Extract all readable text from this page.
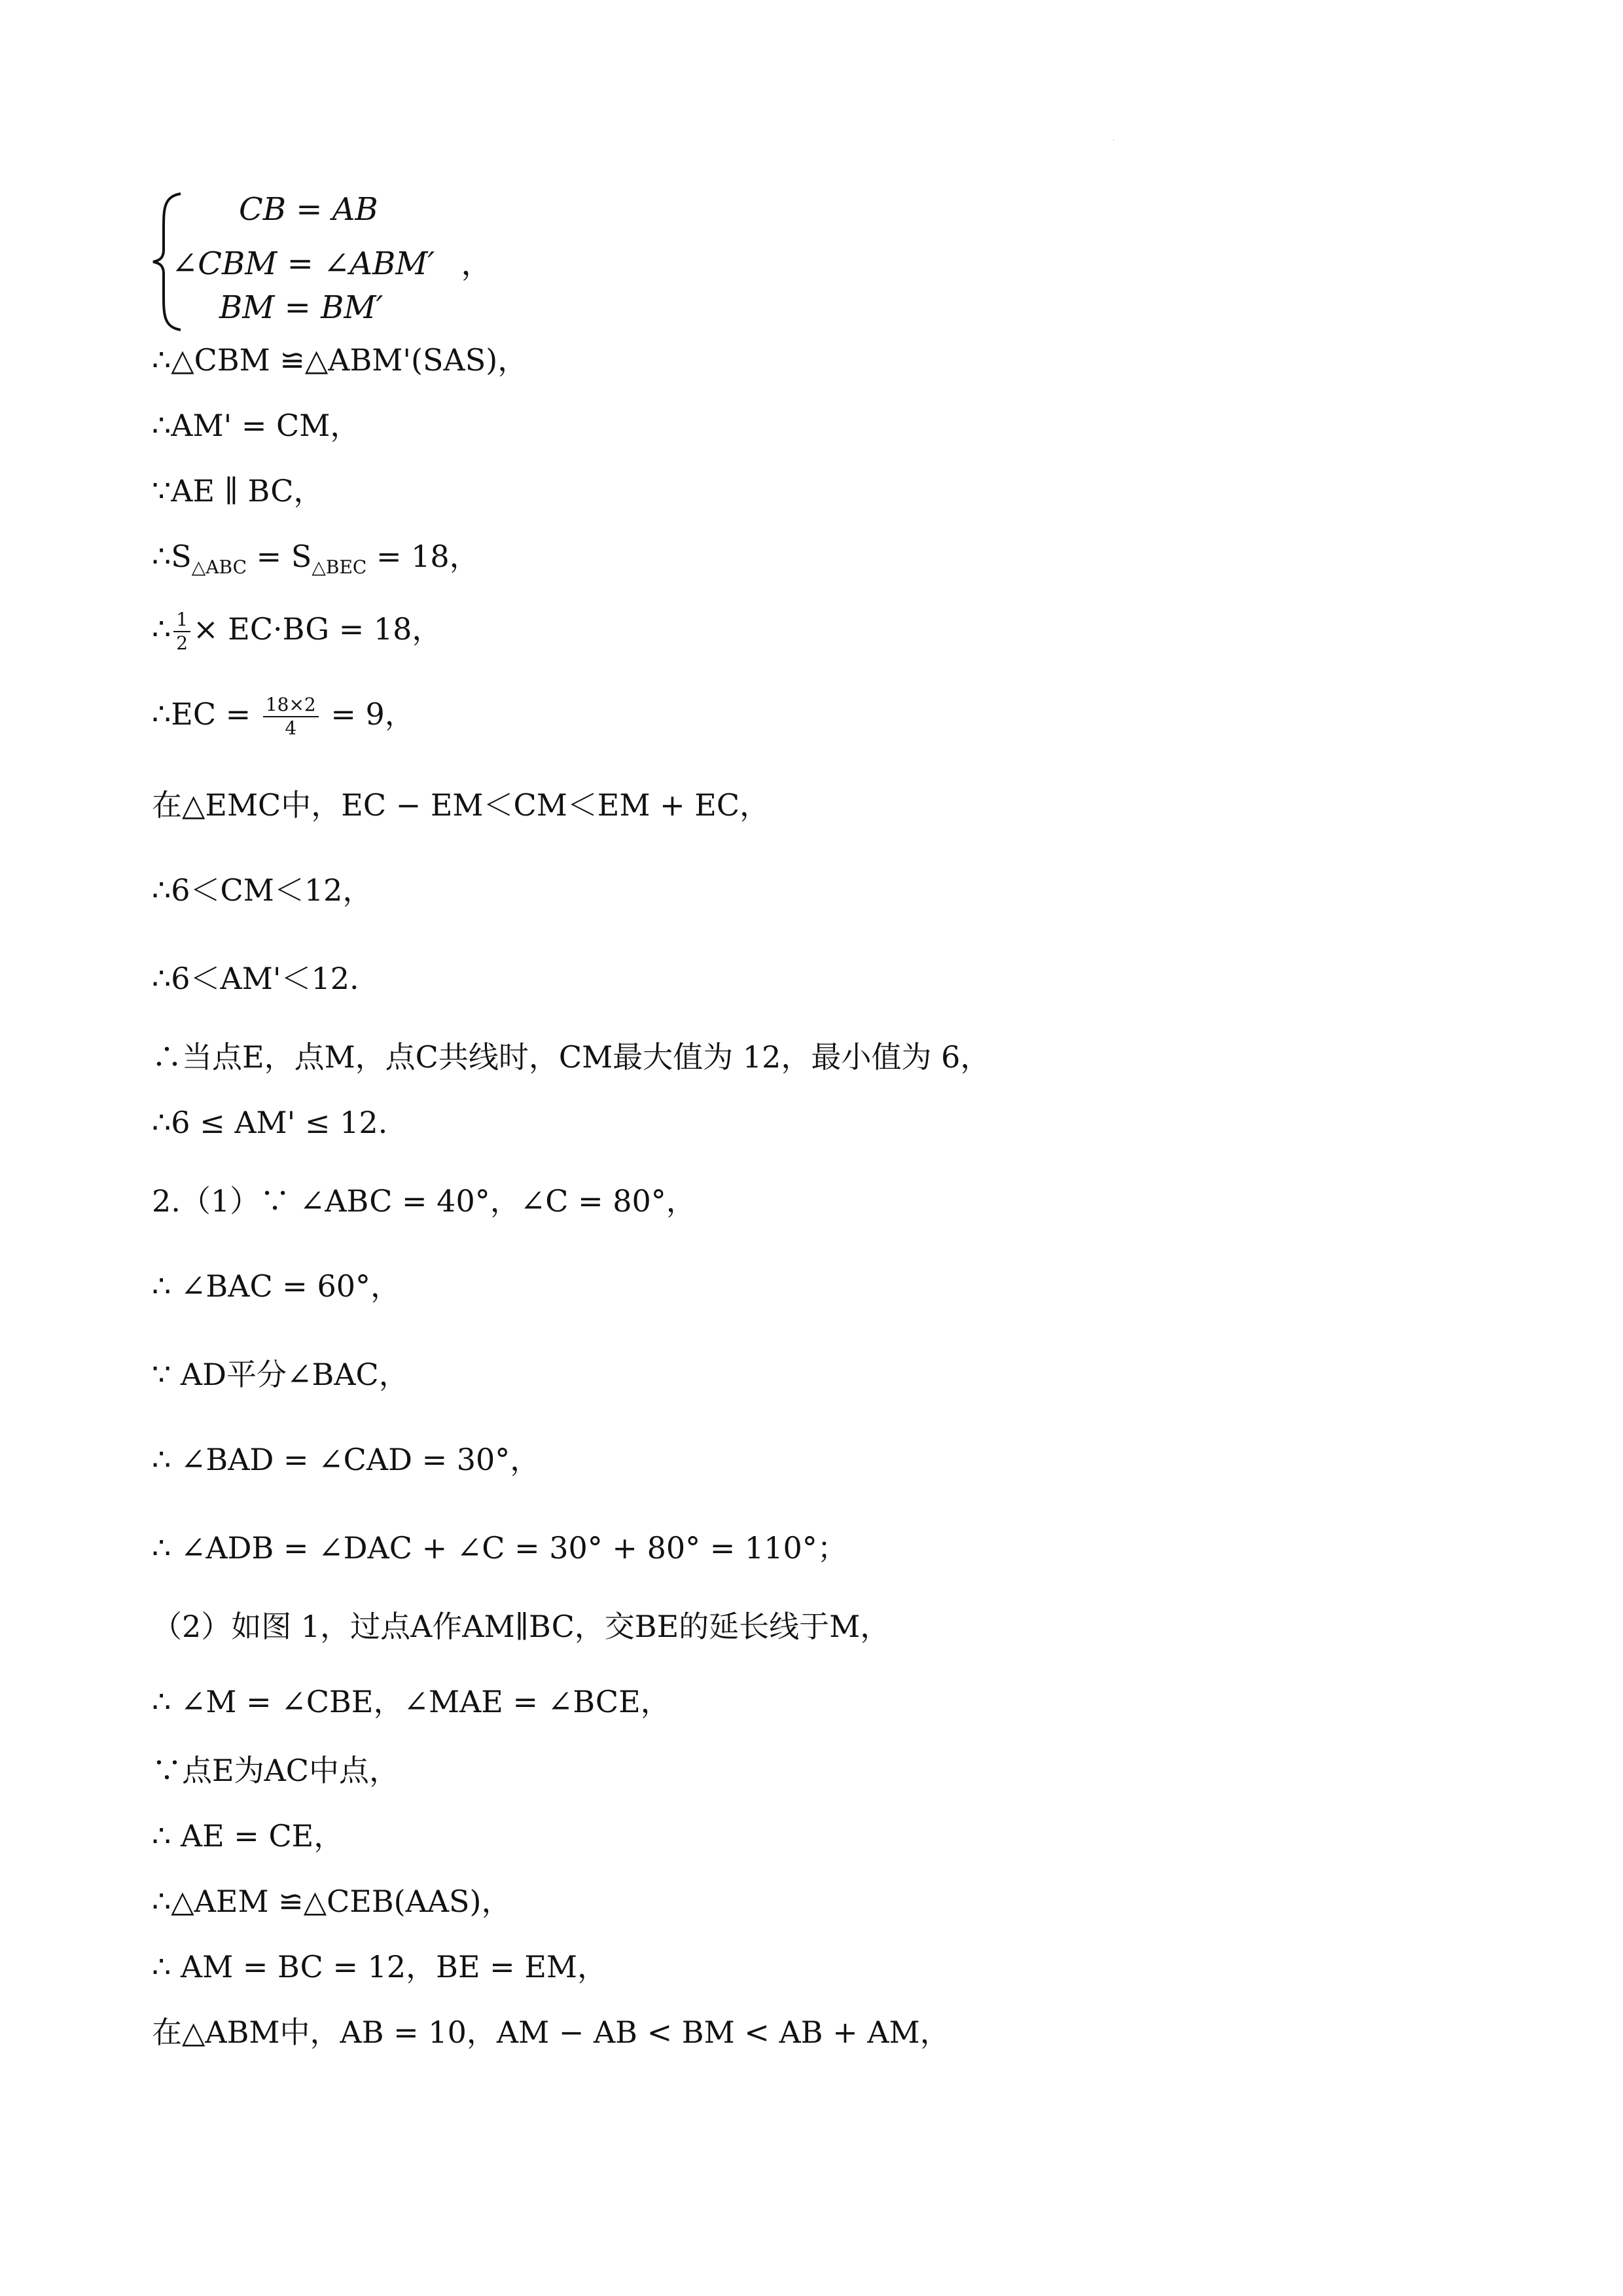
·
CB = AB
∠CBM = ∠ABM′ ，
BM = BM′
∴△CBM ≌△ABM'(SAS)，
∴AM' = CM，
∵AE ∥ BC，
$\therefore S_{\triangle ABC} = S_{\triangle BEC} = 18$，
∴ $\frac{1}{2} \times EC\cdot BG = 18$，
∴EC = $\frac{18\times 2}{4} = 9$，
在△EMC中，EC − EM＜CM＜EM + EC，
∴6＜CM＜12，
∴6＜AM'＜12.
∴当点E，点M，点C共线时，CM最大值为 12，最小值为 6，
∴6 ≤ AM' ≤ 12.
2.（1）∵ ∠ABC = 40°，∠C = 80°，
∴ ∠BAC = 60°，
∵ AD平分∠BAC，
∴ ∠BAD = ∠CAD = 30°，
∴ ∠ADB = ∠DAC + ∠C = 30° + 80° = 110°；
（2）如图 1，过点A作AM∥BC，交BE的延长线于M，
∴ ∠M = ∠CBE，∠MAE = ∠BCE，
∵点E为AC中点，
∴ AE = CE，
∴△AEM ≌△CEB(AAS)，
∴ AM = BC = 12，BE = EM，
在△ABM中，AB = 10，AM − AB < BM < AB + AM，
